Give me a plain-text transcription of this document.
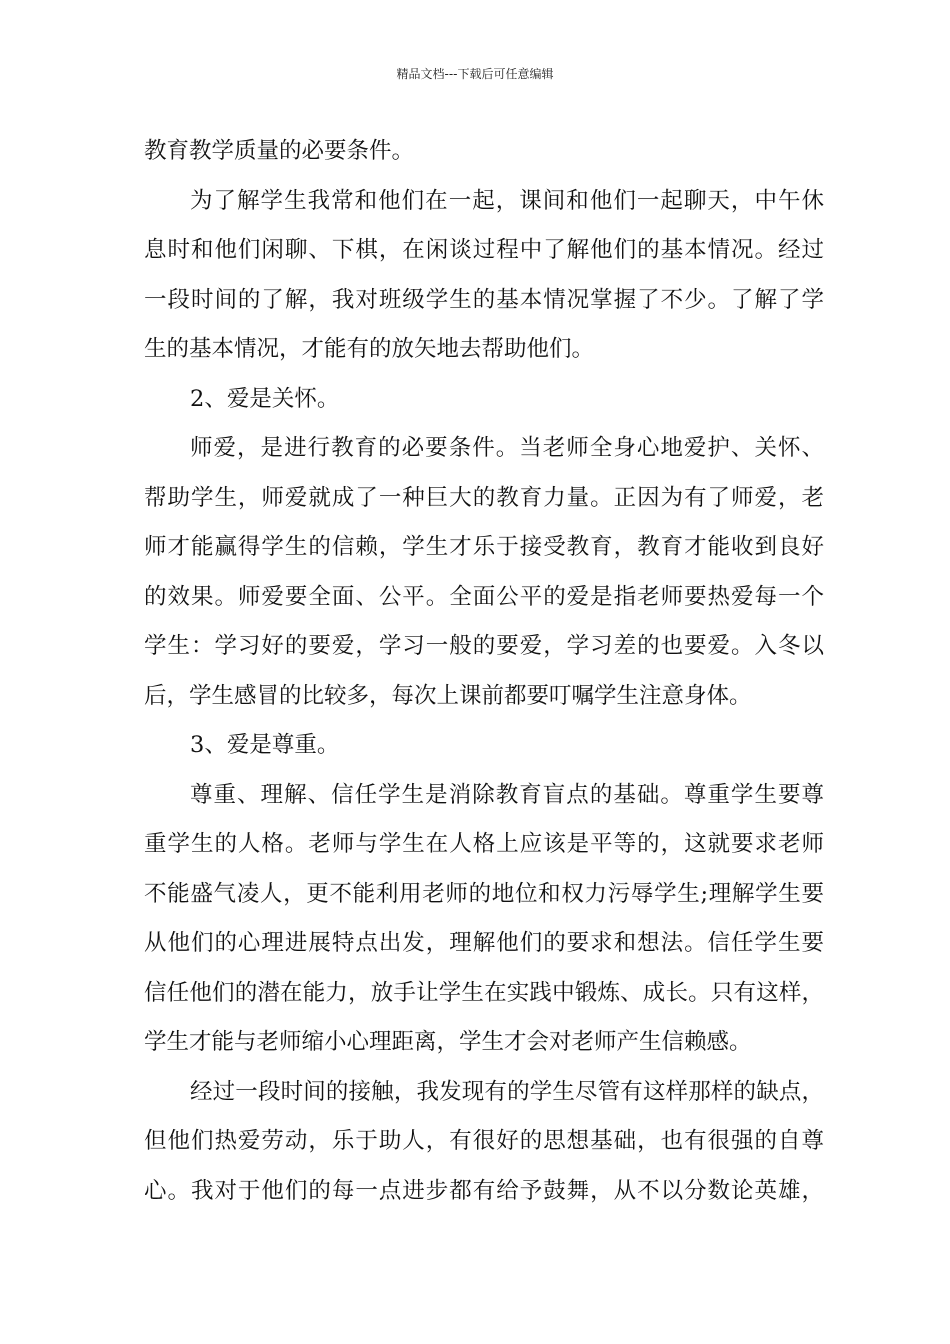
精品文档---下载后可任意编辑
教育教学质量的必要条件。
为了解学生我常和他们在一起，课间和他们一起聊天，中午休
息时和他们闲聊、下棋，在闲谈过程中了解他们的基本情况。经过
一段时间的了解，我对班级学生的基本情况掌握了不少。了解了学
生的基本情况，才能有的放矢地去帮助他们。
2、爱是关怀。
师爱，是进行教育的必要条件。当老师全身心地爱护、关怀、
帮助学生，师爱就成了一种巨大的教育力量。正因为有了师爱，老
师才能赢得学生的信赖，学生才乐于接受教育，教育才能收到良好
的效果。师爱要全面、公平。全面公平的爱是指老师要热爱每一个
学生：学习好的要爱，学习一般的要爱，学习差的也要爱。入冬以
后，学生感冒的比较多，每次上课前都要叮嘱学生注意身体。
3、爱是尊重。
尊重、理解、信任学生是消除教育盲点的基础。尊重学生要尊
重学生的人格。老师与学生在人格上应该是平等的，这就要求老师
不能盛气凌人，更不能利用老师的地位和权力污辱学生;理解学生要
从他们的心理进展特点出发，理解他们的要求和想法。信任学生要
信任他们的潜在能力，放手让学生在实践中锻炼、成长。只有这样，
学生才能与老师缩小心理距离，学生才会对老师产生信赖感。
经过一段时间的接触，我发现有的学生尽管有这样那样的缺点，
但他们热爱劳动，乐于助人，有很好的思想基础，也有很强的自尊
心。我对于他们的每一点进步都有给予鼓舞，从不以分数论英雄，
